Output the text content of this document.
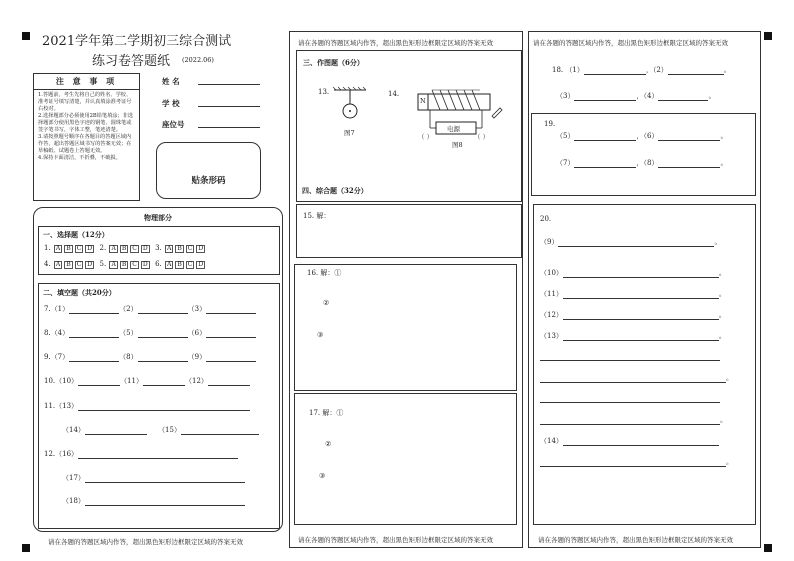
2021学年第二学期初三综合测试
练习卷答题纸 (2022.06)
注 意 事 项
1.答题前，考生先将自己的姓名、学校、准考证号填写清楚，并认真填涂准考证号右校对。
2.选择题部分必须使用2B铅笔填涂；非选择题部分使用黑色字迹的钢笔、圆珠笔或签字笔书写，字体工整，笔迹清楚。
3.请按照题号顺序在各题目的答题区域内作答，超出答题区域书写的答案无效；在草稿纸、试题卷上答题无效。
4.保持卡面清洁，不折叠，不破损。
姓 名
学 校
座位号
贴条形码
物理部分
一、选择题（12分）
1. A B C D 2. A B C D 3. A B C D
4. A B C D 5. A B C D 6. A B C D
二、填空题（共20分）
7.（1）	（2）	（3）
8.（4）	（5）	（6）
9.（7）	（8）	（9）
10.（10）	（11）	（12）
11.（13）
（14）	（15）
12.（16）
（17）
（18）
请在各题的答题区域内作答，超出黑色矩形边框限定区域的答案无效
请在各题的答题区域内作答，超出黑色矩形边框限定区域的答案无效
三、作图题（6分）
13.
图7
14.
N
电源
（ ）	（ ）
图8
四、综合题（32分）
15. 解：
16. 解：①
②
③
17. 解：①
②
③
请在各题的答题区域内作答，超出黑色矩形边框限定区域的答案无效
请在各题的答题区域内作答，超出黑色矩形边框限定区域的答案无效
18. （1）	，（2）	。
（3）	，（4）	。
19.
（5）	，（6）	。
（7）	，（8）	。
20.
（9）	。
（10）	。
（11）	。
（12）	。
（13）	。
。
。
（14）
。
请在各题的答题区域内作答，超出黑色矩形边框限定区域的答案无效
